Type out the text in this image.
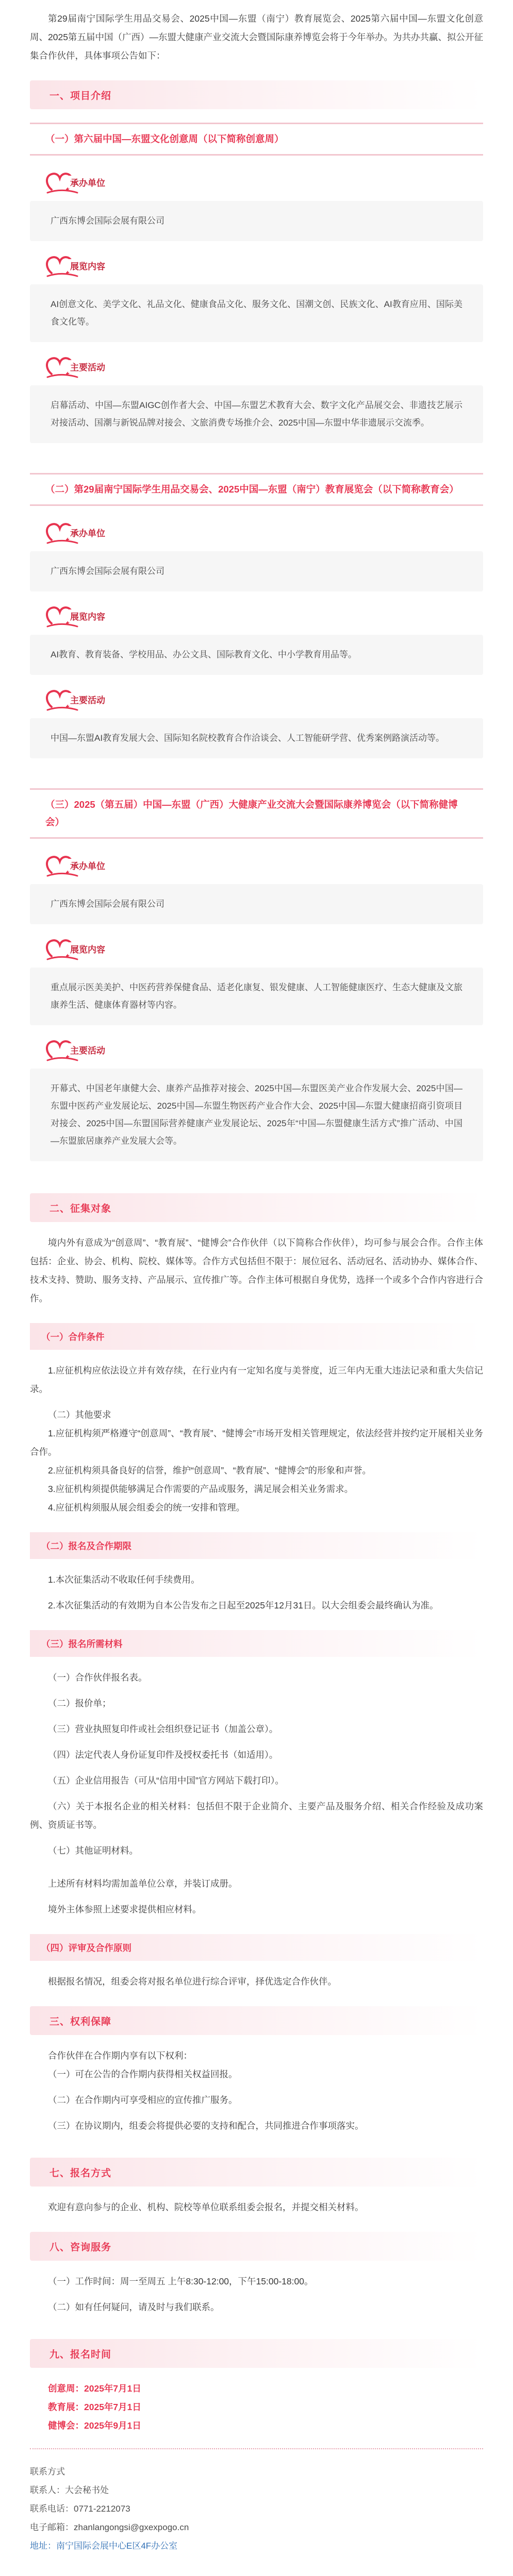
第29届南宁国际学生用品交易会、2025中国—东盟（南宁）教育展览会、2025第六届中国—东盟文化创意周、2025第五届中国（广西）—东盟大健康产业交流大会暨国际康养博览会将于今年举办。为共办共赢、拟公开征集合作伙伴，具体事项公告如下：

一、项目介绍
（一）第六届中国—东盟文化创意周（以下简称创意周）
承办单位
广西东博会国际会展有限公司
展览内容
AI创意文化、美学文化、礼品文化、健康食品文化、服务文化、国潮文创、民族文化、AI教育应用、国际美食文化等。
主要活动
启幕活动、中国—东盟AIGC创作者大会、中国—东盟艺术教育大会、数字文化产品展交会、非遗技艺展示对接活动、国潮与新锐品牌对接会、文旅消费专场推介会、2025中国—东盟中华非遗展示交流季。
（二）第29届南宁国际学生用品交易会、2025中国—东盟（南宁）教育展览会（以下简称教育会）
承办单位
广西东博会国际会展有限公司
展览内容
AI教育、教育装备、学校用品、办公文具、国际教育文化、中小学教育用品等。
主要活动
中国—东盟AI教育发展大会、国际知名院校教育合作洽谈会、人工智能研学营、优秀案例路演活动等。
（三）2025（第五届）中国—东盟（广西）大健康产业交流大会暨国际康养博览会（以下简称健博会）
承办单位
广西东博会国际会展有限公司
展览内容
重点展示医美美护、中医药营养保健食品、适老化康复、银发健康、人工智能健康医疗、生态大健康及文旅康养生活、健康体育器材等内容。
主要活动
开幕式、中国老年康健大会、康养产品推荐对接会、2025中国—东盟医美产业合作发展大会、2025中国—东盟中医药产业发展论坛、2025中国—东盟生物医药产业合作大会、2025中国—东盟大健康招商引资项目对接会、2025中国—东盟国际营养健康产业发展论坛、2025年“中国—东盟健康生活方式”推广活动、中国—东盟旅居康养产业发展大会等。
二、征集对象

境内外有意成为“创意周”、“教育展”、“健博会”合作伙伴（以下简称合作伙伴），均可参与展会合作。合作主体包括：企业、协会、机构、院校、媒体等。合作方式包括但不限于：展位冠名、活动冠名、活动协办、媒体合作、技术支持、赞助、服务支持、产品展示、宣传推广等。合作主体可根据自身优势，选择一个或多个合作内容进行合作。

（一）合作条件

1.应征机构应依法设立并有效存续，在行业内有一定知名度与美誉度，近三年内无重大违法记录和重大失信记录。

（二）其他要求

1.应征机构须严格遵守“创意周”、“教育展”、“健博会”市场开发相关管理规定，依法经营并按约定开展相关业务合作。

2.应征机构须具备良好的信誉，维护“创意周”、“教育展”、“健博会”的形象和声誉。

3.应征机构须提供能够满足合作需要的产品或服务，满足展会相关业务需求。

4.应征机构须服从展会组委会的统一安排和管理。

（二）报名及合作期限

1.本次征集活动不收取任何手续费用。

2.本次征集活动的有效期为自本公告发布之日起至2025年12月31日。以大会组委会最终确认为准。

（三）报名所需材料

（一）合作伙伴报名表。

（二）报价单；

（三）营业执照复印件或社会组织登记证书（加盖公章）。

（四）法定代表人身份证复印件及授权委托书（如适用）。

（五）企业信用报告（可从“信用中国”官方网站下载打印）。

（六）关于本报名企业的相关材料：包括但不限于企业简介、主要产品及服务介绍、相关合作经验及成功案例、资质证书等。

（七）其他证明材料。

上述所有材料均需加盖单位公章，并装订成册。

境外主体参照上述要求提供相应材料。

（四）评审及合作原则

根据报名情况，组委会将对报名单位进行综合评审，择优选定合作伙伴。

三、权利保障

合作伙伴在合作期内享有以下权利：

（一）可在公告的合作期内获得相关权益回报。

（二）在合作期内可享受相应的宣传推广服务。

（三）在协议期内，组委会将提供必要的支持和配合，共同推进合作事项落实。

七、报名方式

欢迎有意向参与的企业、机构、院校等单位联系组委会报名，并提交相关材料。

八、咨询服务

（一）工作时间：周一至周五 上午8:30-12:00，下午15:00-18:00。

（二）如有任何疑问，请及时与我们联系。

九、报名时间

创意周：2025年7月1日

教育展：2025年7月1日

健博会：2025年9月1日

联系方式

联系人：大会秘书处

联系电话：0771-2212073

电子邮箱：zhanlangongsi@gxexpogo.cn

地址：南宁国际会展中心E区4F办公室
